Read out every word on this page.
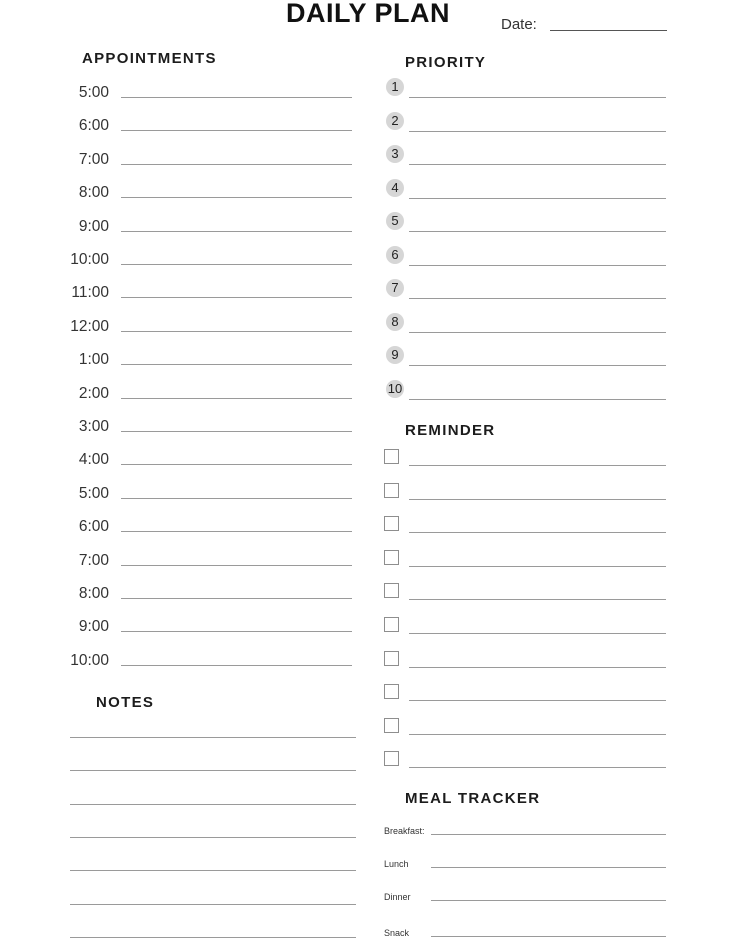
DAILY PLAN	Date:
APPOINTMENTS	PRIORITY
REMINDER
NOTES
MEAL TRACKER
5:00
6:00
7:00
8:00
9:00
10:00
11:00
12:00
1:00
2:00
3:00
4:00
5:00
6:00
7:00
8:00
9:00
10:00
1
2
3
4
5
6
7
8
9
10
Breakfast:
Lunch
Dinner
Snack
